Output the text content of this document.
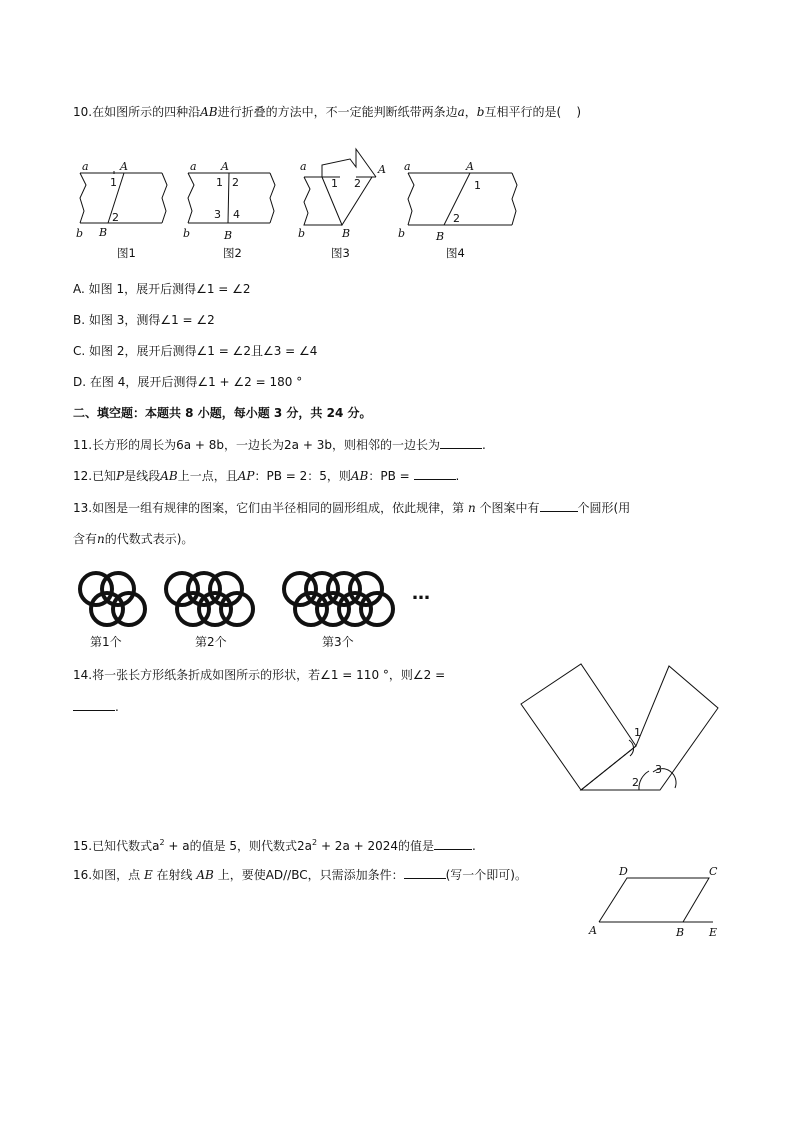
10.在如图所示的四种沿AB进行折叠的方法中，不一定能判断纸带两条边a，b互相平行的是( )
a	A
1
2
b B
图1
a A
1 2
3 4
b	B
图2
a	A
1 2
b	B
图3
a	A
1
2
b	B
图4
A. 如图 1，展开后测得∠1 = ∠2
B. 如图 3，测得∠1 = ∠2
C. 如图 2，展开后测得∠1 = ∠2且∠3 = ∠4
D. 在图 4，展开后测得∠1 + ∠2 = 180 °
二、填空题：本题共 8 小题，每小题 3 分，共 24 分。
11.长方形的周长为6a + 8b，一边长为2a + 3b，则相邻的一边长为	.
12.已知P是线段AB上一点，且AP：PB = 2：5，则AB：PB =	.
13.如图是一组有规律的图案，它们由半径相同的圆形组成，依此规律，第 n 个图案中有	个圆形(用
含有n的代数式表示)。
…
第1个	第2个	第3个
14.将一张长方形纸条折成如图所示的形状，若∠1 = 110 °，则∠2 =
.
1
2
3
15.已知代数式$a^2 + a$的值是 5，则代数式$2a^2 + 2a + 2024$的值是	.
16.如图，点 E 在射线 AB 上，要使AD//BC，只需添加条件：	(写一个即可)。	D	C
A	B E
